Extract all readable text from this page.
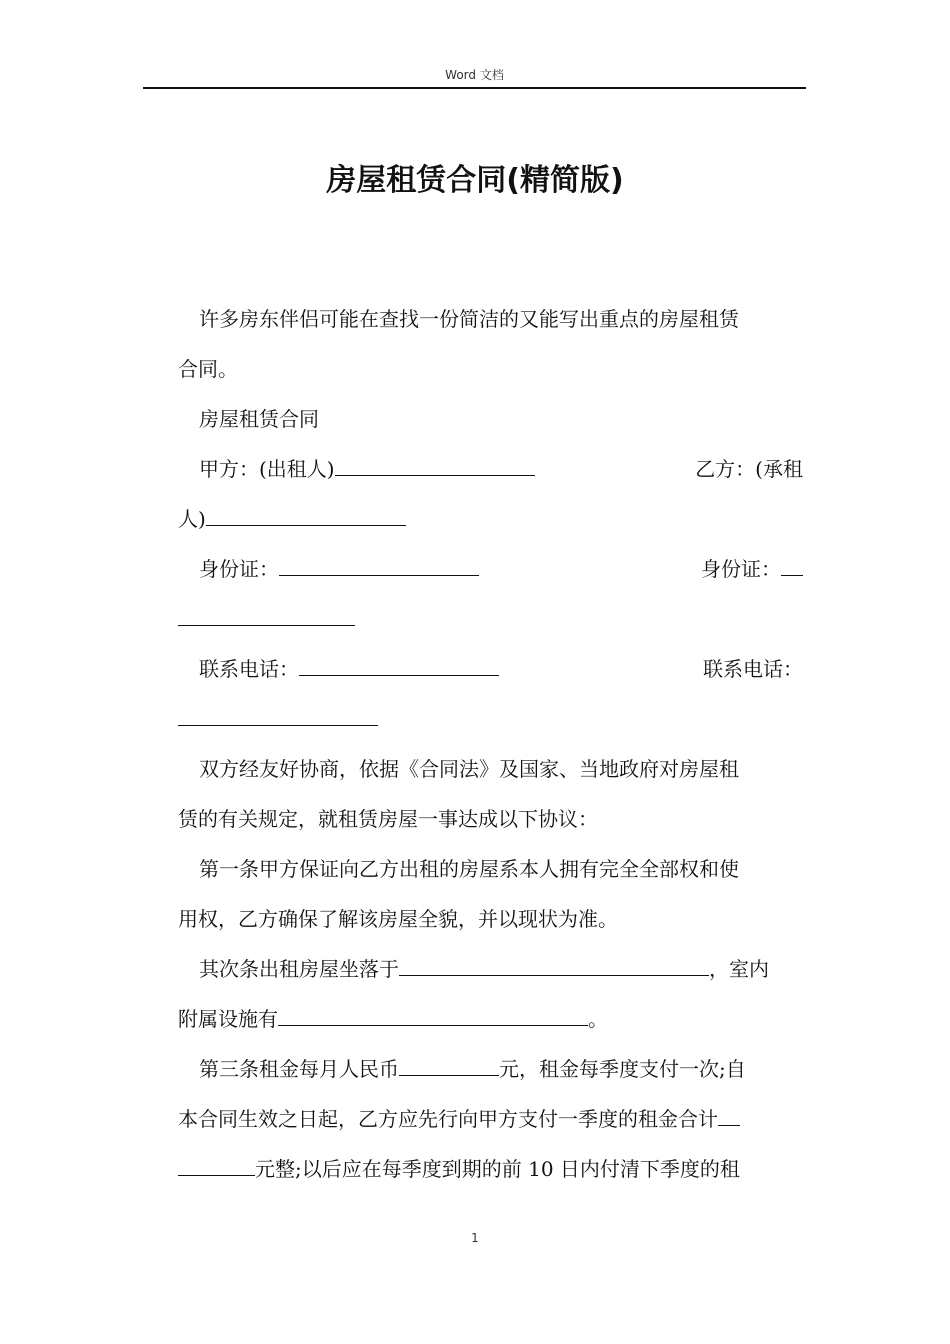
Word 文档
房屋租赁合同(精简版)

许多房东伴侣可能在查找一份简洁的又能写出重点的房屋租赁

合同。

房屋租赁合同

甲方：(出租人)	乙方：(承租

人)

身份证：	身份证：

联系电话：	联系电话：

双方经友好协商，依据《合同法》及国家、当地政府对房屋租

赁的有关规定，就租赁房屋一事达成以下协议：

第一条甲方保证向乙方出租的房屋系本人拥有完全全部权和使

用权，乙方确保了解该房屋全貌，并以现状为准。

其次条出租房屋坐落于	，室内

附属设施有	。

第三条租金每月人民币	元，租金每季度支付一次;自

本合同生效之日起，乙方应先行向甲方支付一季度的租金合计

元整;以后应在每季度到期的前 10 日内付清下季度的租

1
